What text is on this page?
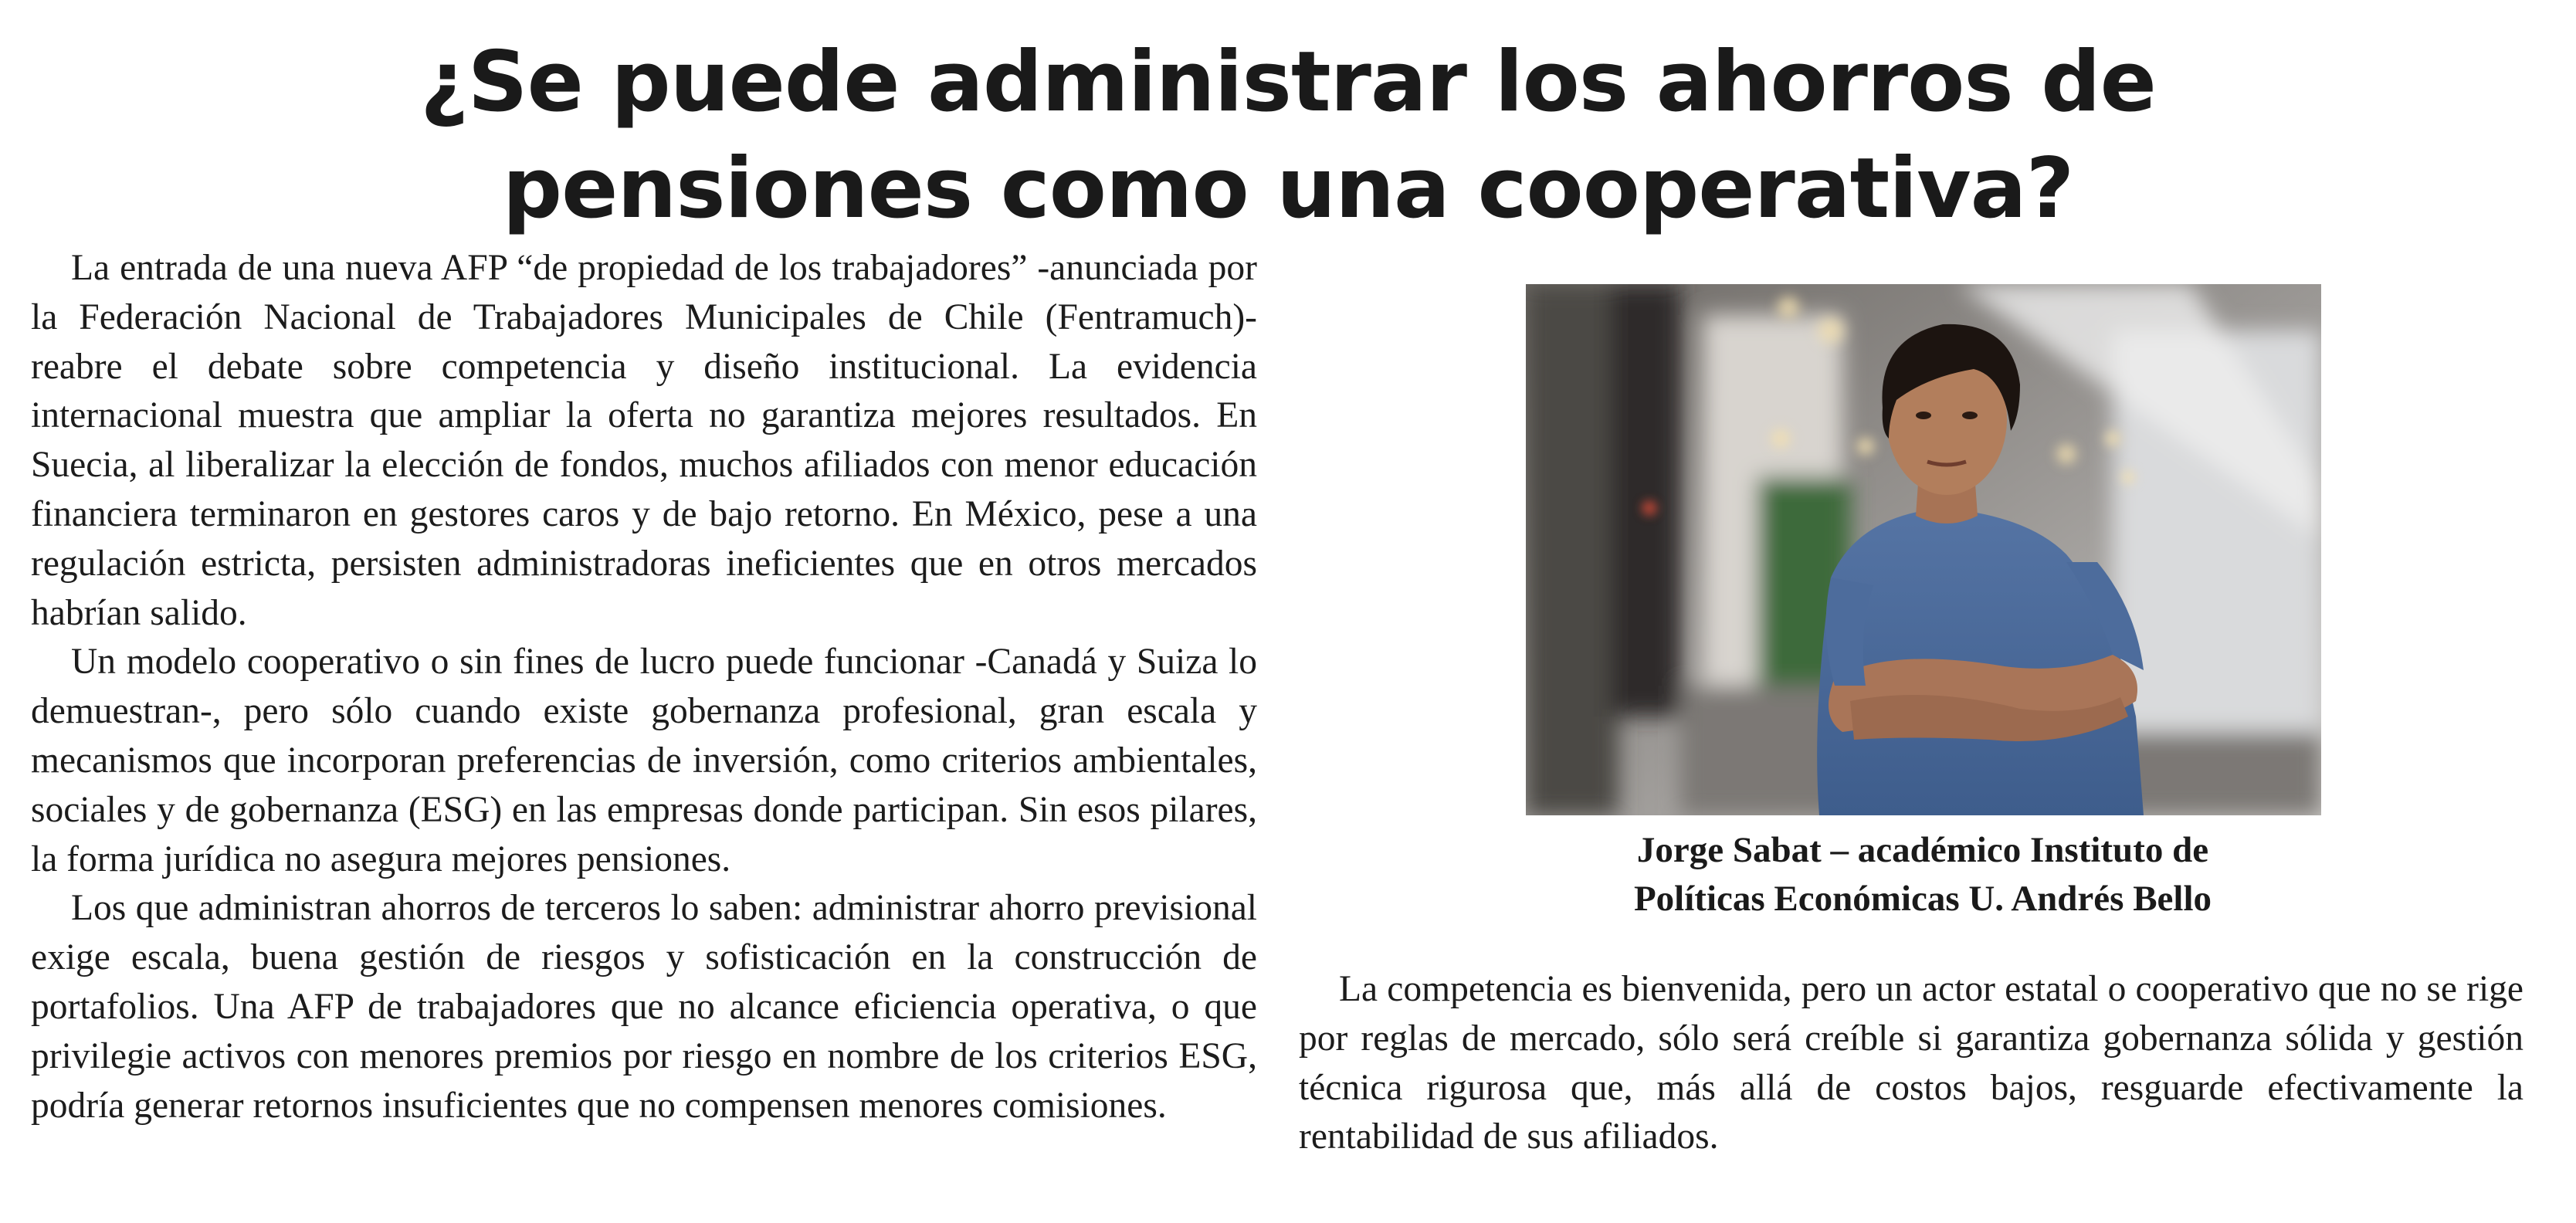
¿Se puede administrar los ahorros de
pensiones como una cooperativa?

La entrada de una nueva AFP “de propiedad de los trabajadores” -anunciada por la Federación Nacional de Trabajadores Municipales de Chile (Fentramuch)- reabre el debate sobre competencia y diseño institucional. La evidencia internacional muestra que ampliar la oferta no garantiza mejores resultados. En Suecia, al liberalizar la elección de fondos, muchos afiliados con menor educación financiera terminaron en gestores caros y de bajo retorno. En México, pese a una regulación estricta, persisten administradoras ineficientes que en otros mercados habrían salido.

Un modelo cooperativo o sin fines de lucro puede funcionar -Canadá y Suiza lo demuestran-, pero sólo cuando existe gobernanza profesional, gran escala y mecanismos que incorporan preferencias de inversión, como criterios ambientales, sociales y de gobernanza (ESG) en las empresas donde participan. Sin esos pilares, la forma jurídica no asegura mejores pensiones.

Los que administran ahorros de terceros lo saben: administrar ahorro previsional exige escala, buena gestión de riesgos y sofisticación en la construcción de portafolios. Una AFP de trabajadores que no alcance eficiencia operativa, o que privilegie activos con menores premios por riesgo en nombre de los criterios ESG, podría generar retornos insuficientes que no compensen menores comisiones.

Jorge Sabat – académico Instituto de
Políticas Económicas U. Andrés Bello

La competencia es bienvenida, pero un actor estatal o cooperativo que no se rige por reglas de mercado, sólo será creíble si garantiza gobernanza sólida y gestión técnica rigurosa que, más allá de costos bajos, resguarde efectivamente la rentabilidad de sus afiliados.
